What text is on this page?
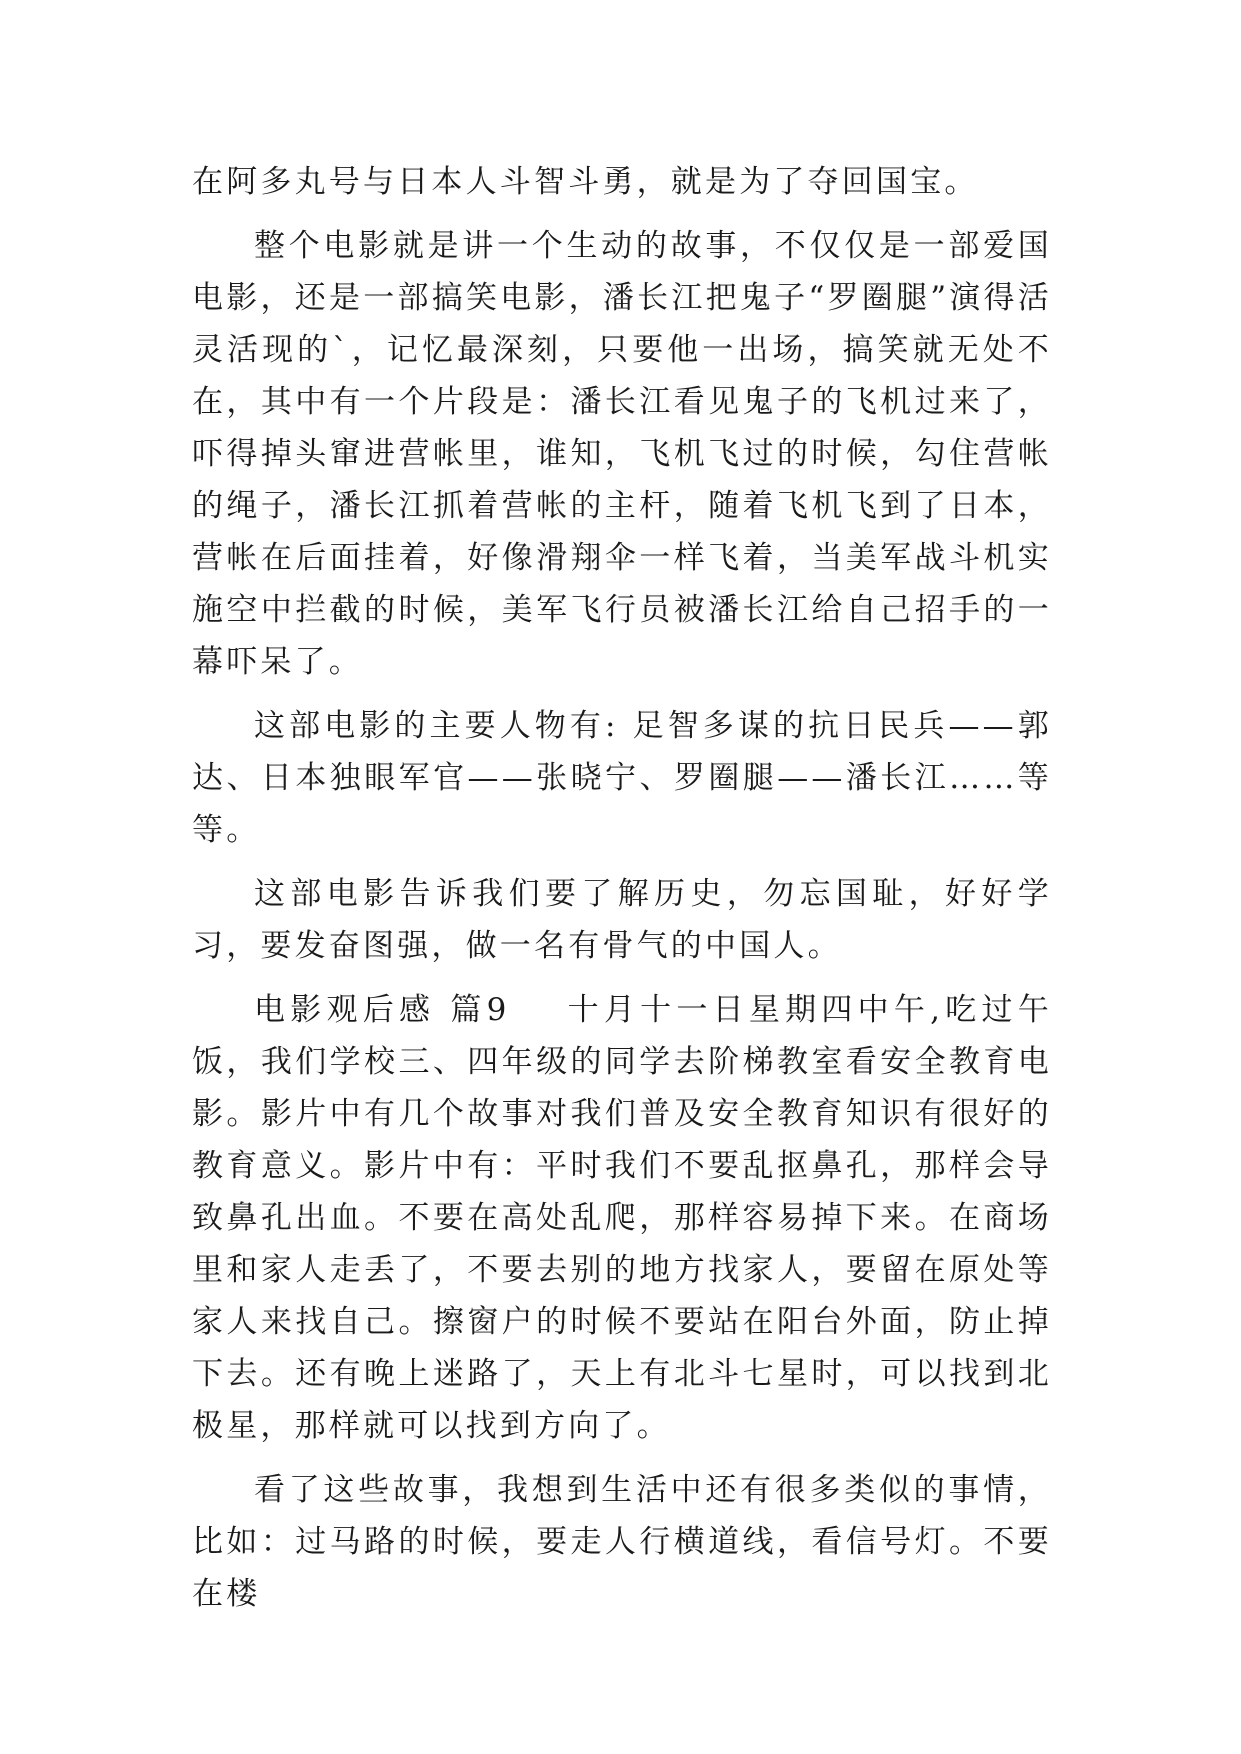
在阿多丸号与日本人斗智斗勇，就是为了夺回国宝。

整个电影就是讲一个生动的故事，不仅仅是一部爱国电影，还是一部搞笑电影，潘长江把鬼子“罗圈腿”演得活灵活现的`，记忆最深刻，只要他一出场，搞笑就无处不在，其中有一个片段是：潘长江看见鬼子的飞机过来了，吓得掉头窜进营帐里，谁知，飞机飞过的时候，勾住营帐的绳子，潘长江抓着营帐的主杆，随着飞机飞到了日本，营帐在后面挂着，好像滑翔伞一样飞着，当美军战斗机实施空中拦截的时候，美军飞行员被潘长江给自己招手的一幕吓呆了。

这部电影的主要人物有: 足智多谋的抗日民兵——郭达、日本独眼军官——张晓宁、罗圈腿——潘长江……等等。

这部电影告诉我们要了解历史，勿忘国耻，好好学习，要发奋图强，做一名有骨气的中国人。

电影观后感 篇9 十月十一日星期四中午,吃过午饭，我们学校三、四年级的同学去阶梯教室看安全教育电影。影片中有几个故事对我们普及安全教育知识有很好的教育意义。影片中有：平时我们不要乱抠鼻孔，那样会导致鼻孔出血。不要在高处乱爬，那样容易掉下来。在商场里和家人走丢了，不要去别的地方找家人，要留在原处等家人来找自己。擦窗户的时候不要站在阳台外面，防止掉下去。还有晚上迷路了，天上有北斗七星时，可以找到北极星，那样就可以找到方向了。

看了这些故事，我想到生活中还有很多类似的事情，比如：过马路的时候，要走人行横道线，看信号灯。不要在楼
